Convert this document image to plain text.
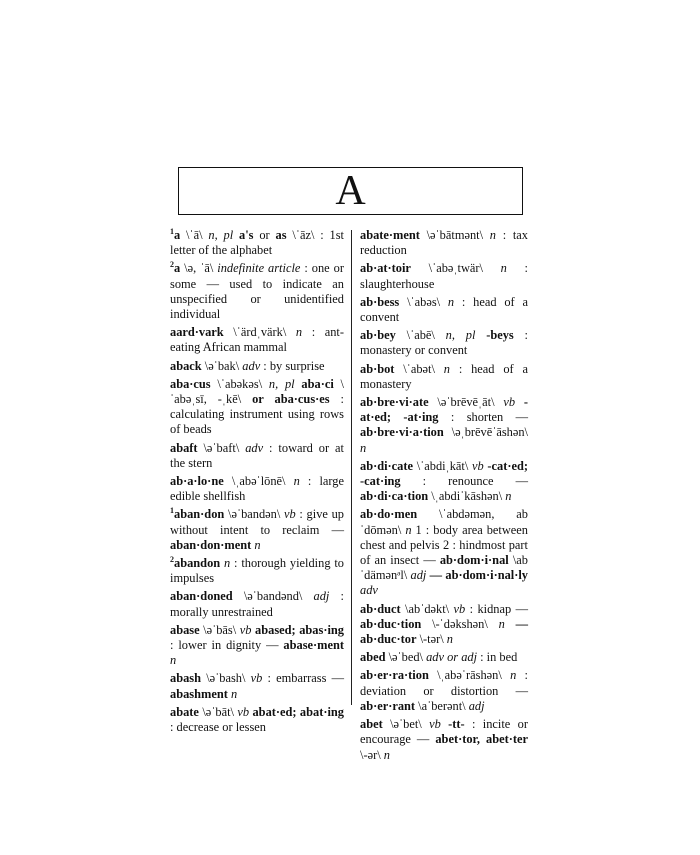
A
$^1$a \ˈā\ n, pl a's or as \ˈāz\ : 1st letter of the alphabet
$^2$a \ə, ˈā\ indefinite article : one or some — used to indicate an unspecified or unidentified individual
aard·vark \ˈärdˌvärk\ n : ant-eating African mammal
aback \əˈbak\ adv : by surprise
aba·cus \ˈabəkəs\ n, pl aba·ci \ˈabəˌsī, -ˌkē\ or aba·cus·es : calculating instrument using rows of beads
abaft \əˈbaft\ adv : toward or at the stern
ab·a·lo·ne \ˌabəˈlōnē\ n : large edible shellfish
$^1$aban·don \əˈbandən\ vb : give up without intent to reclaim — aban·don·ment n
$^2$abandon n : thorough yielding to impulses
aban·doned \əˈbandənd\ adj : morally unrestrained
abase \əˈbās\ vb abased; abas·ing : lower in dignity — abase·ment n
abash \əˈbash\ vb : embarrass — abashment n
abate \əˈbāt\ vb abat·ed; abat·ing : decrease or lessen
abate·ment \əˈbātmənt\ n : tax reduction
ab·at·toir \ˈabəˌtwär\ n : slaughterhouse
ab·bess \ˈabəs\ n : head of a convent
ab·bey \ˈabē\ n, pl -beys : monastery or convent
ab·bot \ˈabət\ n : head of a monastery
ab·bre·vi·ate \əˈbrēvēˌāt\ vb -at·ed; -at·ing : shorten — ab·bre·vi·a·tion \əˌbrēvēˈāshən\ n
ab·di·cate \ˈabdiˌkāt\ vb -cat·ed; -cat·ing : renounce — ab·di·ca·tion \ˌabdiˈkāshən\ n
ab·do·men \ˈabdəmən, abˈdōmən\ n 1 : body area between chest and pelvis 2 : hindmost part of an insect — ab·dom·i·nal \abˈdämənᵊl\ adj — ab·dom·i·nal·ly adv
ab·duct \abˈdəkt\ vb : kidnap — ab·duc·tion \-ˈdəkshən\ n — ab·duc·tor \-tər\ n
abed \əˈbed\ adv or adj : in bed
ab·er·ra·tion \ˌabəˈrāshən\ n : deviation or distortion — ab·er·rant \aˈberənt\ adj
abet \əˈbet\ vb -tt- : incite or encourage — abet·tor, abet·ter \-ər\ n
